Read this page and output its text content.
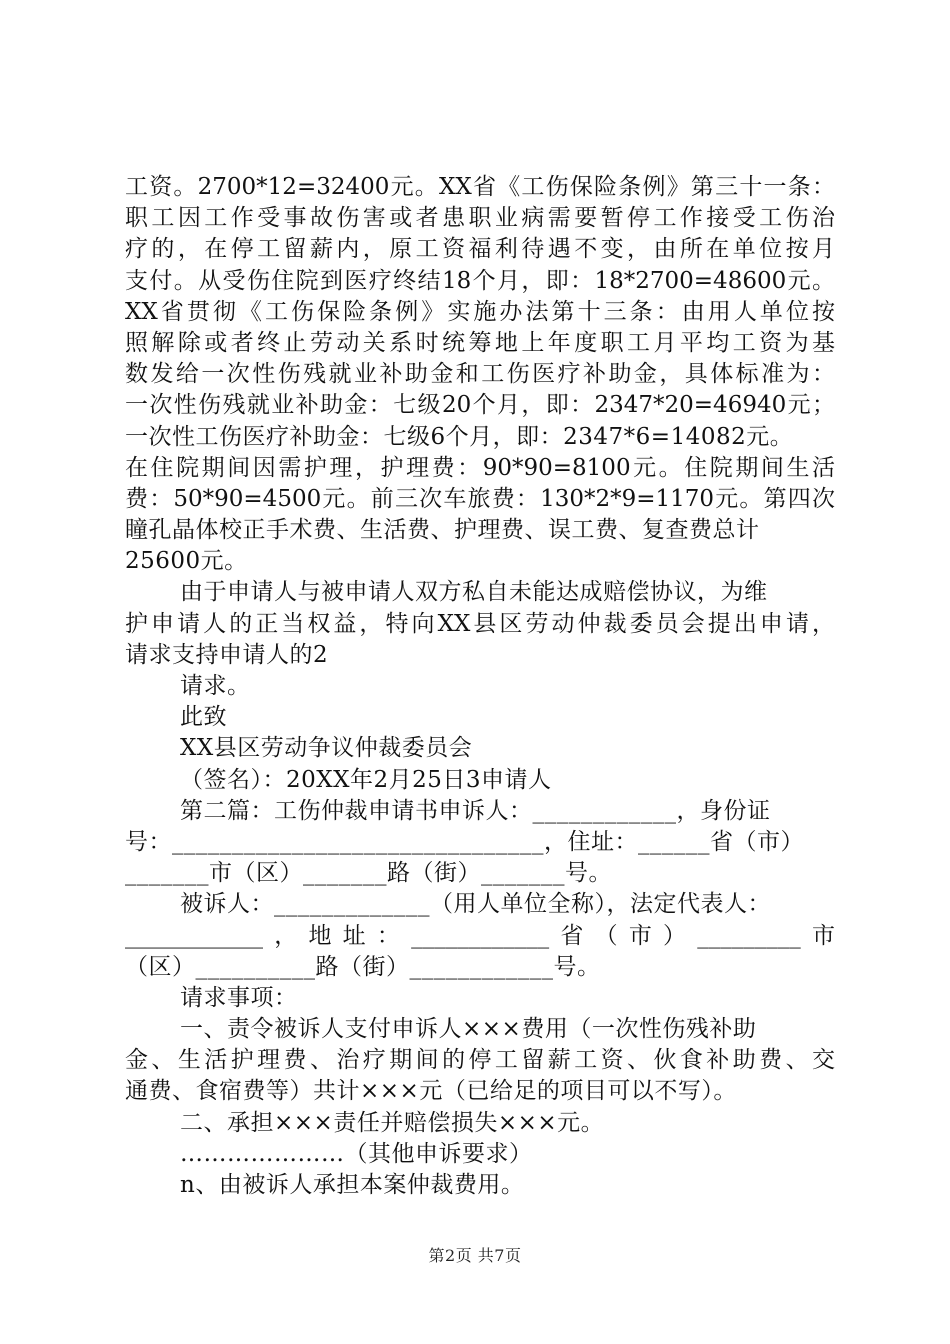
工资。2700*12=32400元。XX省《工伤保险条例》第三十一条：
职工因工作受事故伤害或者患职业病需要暂停工作接受工伤治
疗的，在停工留薪内，原工资福利待遇不变，由所在单位按月
支付。从受伤住院到医疗终结18个月，即：18*2700=48600元。
XX省贯彻《工伤保险条例》实施办法第十三条：由用人单位按
照解除或者终止劳动关系时统筹地上年度职工月平均工资为基
数发给一次性伤残就业补助金和工伤医疗补助金，具体标准为：
一次性伤残就业补助金：七级20个月，即：2347*20=46940元；
一次性工伤医疗补助金：七级6个月，即：2347*6=14082元。
在住院期间因需护理，护理费：90*90=8100元。住院期间生活
费：50*90=4500元。前三次车旅费：130*2*9=1170元。第四次
瞳孔晶体校正手术费、生活费、护理费、误工费、复查费总计
25600元。
由于申请人与被申请人双方私自未能达成赔偿协议，为维
护申请人的正当权益，特向XX县区劳动仲裁委员会提出申请，
请求支持申请人的2
请求。
此致
XX县区劳动争议仲裁委员会
（签名）：20XX年2月25日3申请人
第二篇：工伤仲裁申请书申诉人：____________，身份证
号：_______________________________，住址：______省（市）
_______市（区）_______路（街）_______号。
被诉人：_____________（用人单位全称），法定代表人：
____________，地址：____________省（市）_________市
（区）__________路（街）____________号。
请求事项：
一、责令被诉人支付申诉人×××费用（一次性伤残补助
金、生活护理费、治疗期间的停工留薪工资、伙食补助费、交
通费、食宿费等）共计×××元（已给足的项目可以不写）。
二、承担×××责任并赔偿损失×××元。
…………………（其他申诉要求）
n、由被诉人承担本案仲裁费用。
第2页 共7页
